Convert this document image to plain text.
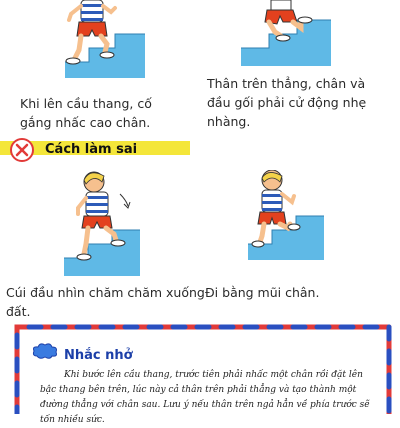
Khi lên cầu thang, cố gắng nhấc cao chân.
Thân trên thẳng, chân và đầu gối phải cử động nhẹ nhàng.
Cách làm sai
Cúi đầu nhìn chăm chăm xuống đất.
Đi bằng mũi chân.
Nhắc nhở
Khi bước lên cầu thang, trước tiên phải nhấc một chân rồi đặt lên bậc thang bên trên, lúc này cả thân trên phải thẳng và tạo thành một đường thẳng với chân sau. Lưu ý nếu thân trên ngả hẳn về phía trước sẽ tốn nhiều sức.
